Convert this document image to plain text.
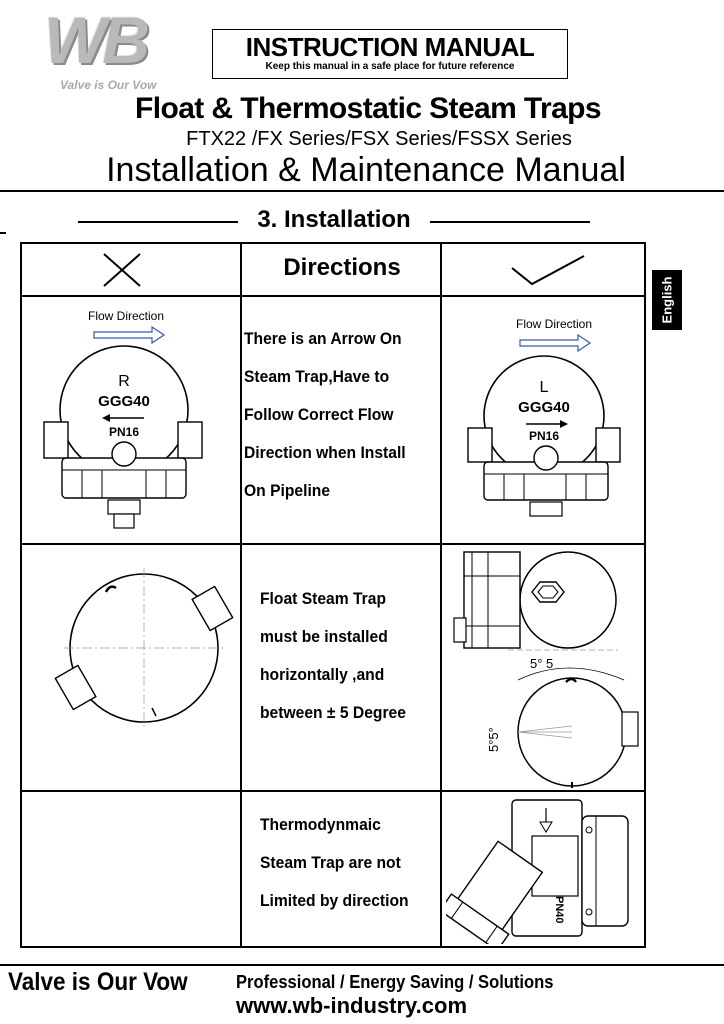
WB
Valve is Our Vow
INSTRUCTION MANUAL
Keep this manual in a safe place for future reference
Float & Thermostatic Steam Traps
FTX22 /FX Series/FSX Series/FSSX Series
Installation & Maintenance Manual
3. Installation
English
Directions
Flow Direction
R
GGG40
PN16
There is an Arrow On
Steam Trap,Have to
Follow Correct Flow
Direction when Install
On Pipeline
Flow Direction
L
GGG40
PN16
Float Steam Trap
must be installed
horizontally ,and
between ± 5 Degree
5° 5
5°5°
Thermodynmaic
Steam Trap are not
Limited by direction	PN40
Valve is Our Vow	Professional / Energy Saving / Solutions
www.wb-industry.com
